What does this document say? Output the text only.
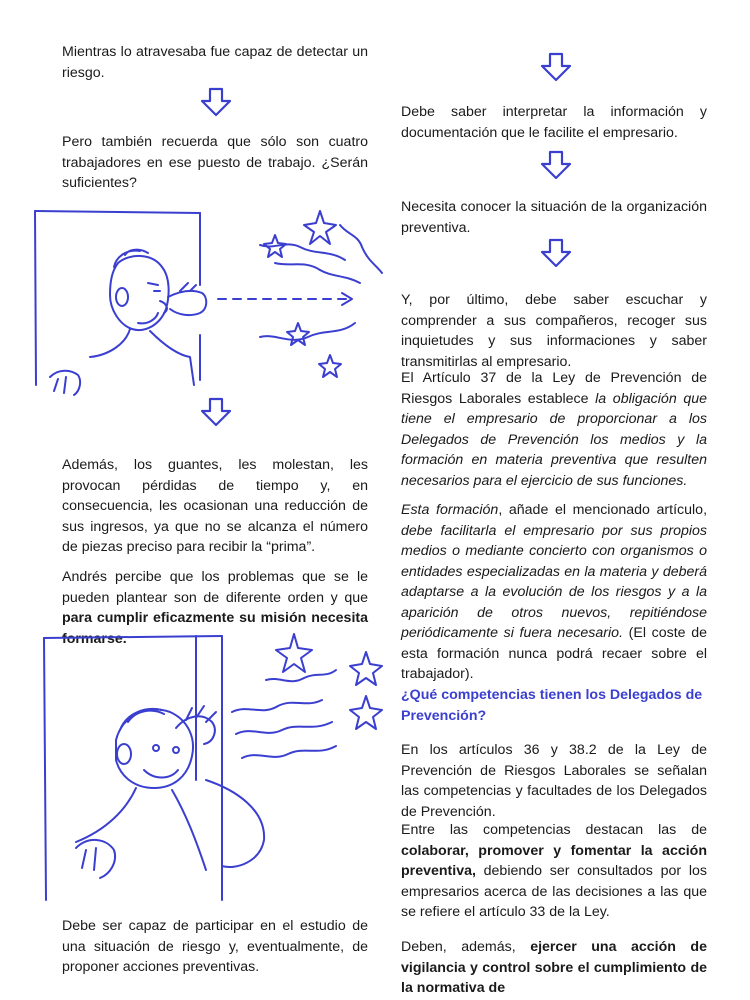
Mientras lo atravesaba fue capaz de detectar un riesgo.

Pero también recuerda que sólo son cuatro trabajadores en ese puesto de trabajo. ¿Serán suficientes?

Además, los guantes, les molestan, les provocan pérdidas de tiempo y, en consecuencia, les ocasionan una reducción de sus ingresos, ya que no se alcanza el número de piezas preciso para recibir la “prima”.

Andrés percibe que los problemas que se le pueden plantear son de diferente orden y que para cumplir eficazmente su misión necesita formarse.

Debe ser capaz de participar en el estudio de una situación de riesgo y, eventualmente, de proponer acciones preventivas.

Debe saber interpretar la información y documentación que le facilite el empresario.

Necesita conocer la situación de la organización preventiva.

Y, por último, debe saber escuchar y comprender a sus compañeros, recoger sus inquietudes y sus informaciones y saber transmitirlas al empresario.

El Artículo 37 de la Ley de Prevención de Riesgos Laborales establece la obligación que tiene el empresario de proporcionar a los Delegados de Prevención los medios y la formación en materia preventiva que resulten necesarios para el ejercicio de sus funciones.

Esta formación, añade el mencionado artículo, debe facilitarla el empresario por sus propios medios o mediante concierto con organismos o entidades especializadas en la materia y deberá adaptarse a la evolución de los riesgos y a la aparición de otros nuevos, repitiéndose periódicamente si fuera necesario. (El coste de esta formación nunca podrá recaer sobre el trabajador).

¿Qué competencias tienen los Delegados de Prevención?

En los artículos 36 y 38.2 de la Ley de Prevención de Riesgos Laborales se señalan las competencias y facultades de los Delegados de Prevención.

Entre las competencias destacan las de colaborar, promover y fomentar la acción preventiva, debiendo ser consultados por los empresarios acerca de las decisiones a las que se refiere el artículo 33 de la Ley.

Deben, además, ejercer una acción de vigilancia y control sobre el cumplimiento de la normativa de
